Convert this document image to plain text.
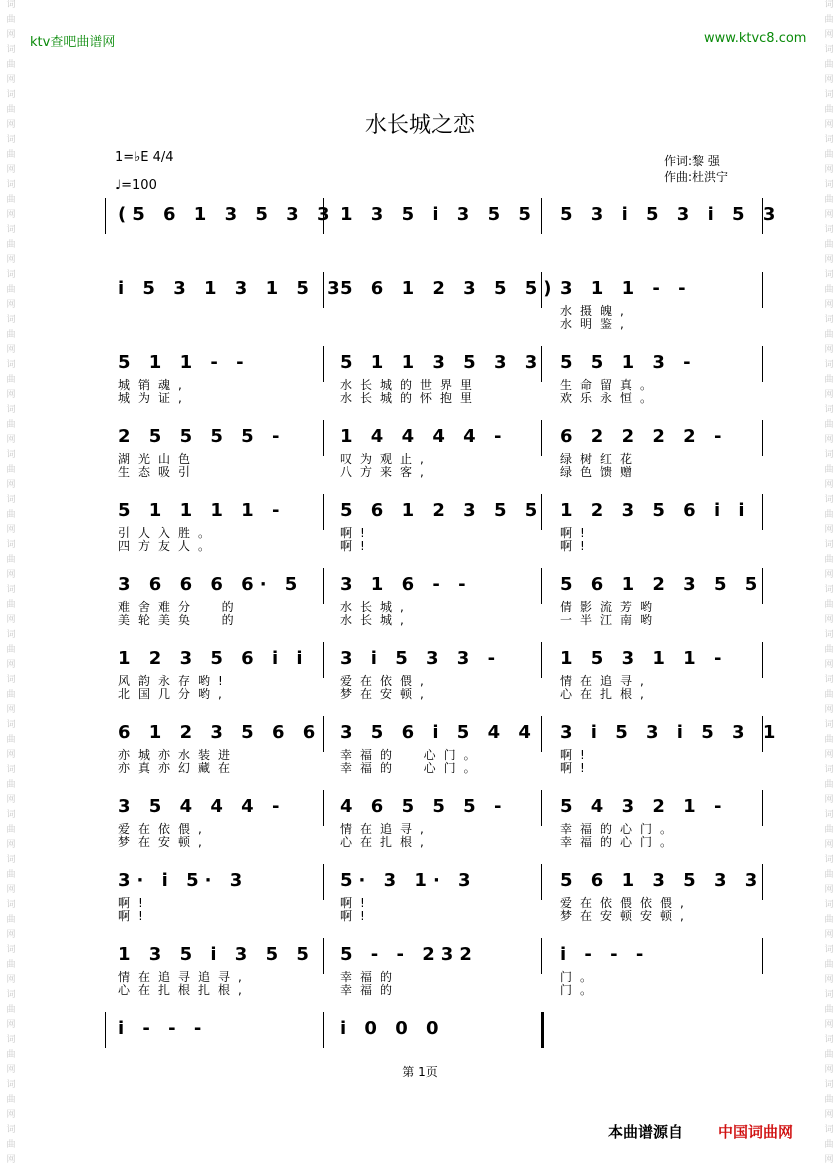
词
曲
网
词
曲
网
词
曲
网
词
曲
网
词
曲
网
词
曲
网
词
曲
网
词
曲
网
词
曲
网
词
曲
网
词
曲
网
词
曲
网
词
曲
网
词
曲
网
词
曲
网
词
曲
网
词
曲
网
词
曲
网
词
曲
网
词
曲
网
词
曲
网
词
曲
网
词
曲
网
词
曲
网
词
曲
网
词
曲
网
词
曲
网
词
曲
网
词
曲
网
词
曲
网
词
曲
网
词
曲
网
词
曲
网
词
曲
网
词
曲
网
词
曲
网
词
曲
网
词
曲
网
词
曲
网
词
曲
网
词
曲
网
词
曲
网
词
曲
网
词
曲
网
词
曲
网
词
曲
网
词
曲
网
词
曲
网
词
曲
网
词
曲
网
词
曲
网
词
曲
网
ktv查吧曲谱网	www.ktvc8.com
水长城之恋
1=♭E 4/4
♩=100
作词:黎 强
作曲:杜洪宁
(5 6 1 3 5 3 3 1 3 5 i 3 5 5 5 3 i 5 3 i 5 3
i 5 3 1 3 1 5 3
5 6 1 2 3 5 5) 3 1 1 - -
水摄魄,
水明鉴,
5 1 1 - -
城销魂,
城为证,
5 1 1 3 5 3 3
水长城的世界里
水长城的怀抱里
5 5 1 3 -
生命留真。
欢乐永恒。
2 5 5 5 5 -
湖光山色
生态吸引
1 4 4 4 4 -
叹为观止,
八方来客,
6 2 2 2 2 -
绿树红花
绿色馈赠
5 1 1 1 1 -
引人入胜。
四方友人。
5 6 1 2 3 5 5
啊!
啊!
1 2 3 5 6 i i
啊!
啊!
3 6 6 6 6· 5
难舍难分  的
美轮美奂  的
3 1 6 - -
水长城,
水长城,
5 6 1 2 3 5 5
倩影流芳哟
一半江南哟
1 2 3 5 6 i i
风韵永存哟!
北国几分哟,
3 i 5 3 3 -
爱在依偎,
梦在安顿,
1 5 3 1 1 -
情在追寻,
心在扎根,
6 1 2 3 5 6 6
亦城亦水装进
亦真亦幻藏在
3 5 6 i 5 4 4
幸福的  心门。
幸福的  心门。
3 i 5 3 i 5 3 1
啊!
啊!
3 5 4 4 4 -
爱在依偎,
梦在安顿,
4 6 5 5 5 -
情在追寻,
心在扎根,
5 4 3 2 1 -
幸福的心门。
幸福的心门。
3· i 5· 3
啊!
啊!
5· 3 1· 3
啊!
啊!
5 6 1 3 5 3 3
爱在依偎依偎,
梦在安顿安顿,
1 3 5 i 3 5 5
情在追寻追寻,
心在扎根扎根,
5 - - 232
幸福的
幸福的
i - - -
门。
门。
i - - -	i 0 0 0
第 1页
本曲谱源自 中国词曲网
